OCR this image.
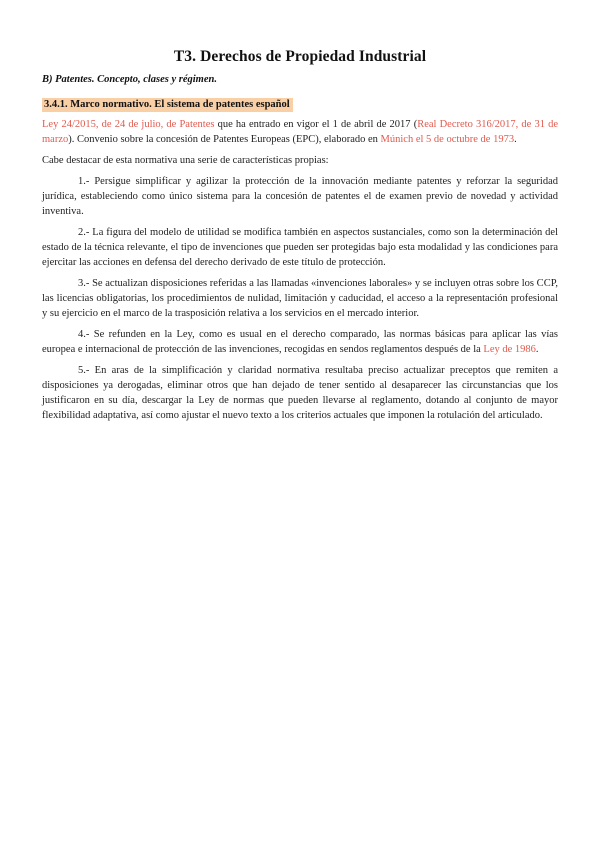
T3. Derechos de Propiedad Industrial
B) Patentes. Concepto, clases y régimen.
3.4.1. Marco normativo. El sistema de patentes español

Ley 24/2015, de 24 de julio, de Patentes que ha entrado en vigor el 1 de abril de 2017 (Real Decreto 316/2017, de 31 de marzo). Convenio sobre la concesión de Patentes Europeas (EPC), elaborado en Múnich el 5 de octubre de 1973.

Cabe destacar de esta normativa una serie de características propias:

1.- Persigue simplificar y agilizar la protección de la innovación mediante patentes y reforzar la seguridad jurídica, estableciendo como único sistema para la concesión de patentes el de examen previo de novedad y actividad inventiva.

2.- La figura del modelo de utilidad se modifica también en aspectos sustanciales, como son la determinación del estado de la técnica relevante, el tipo de invenciones que pueden ser protegidas bajo esta modalidad y las condiciones para ejercitar las acciones en defensa del derecho derivado de este título de protección.

3.- Se actualizan disposiciones referidas a las llamadas «invenciones laborales» y se incluyen otras sobre los CCP, las licencias obligatorias, los procedimientos de nulidad, limitación y caducidad, el acceso a la representación profesional y su ejercicio en el marco de la trasposición relativa a los servicios en el mercado interior.

4.- Se refunden en la Ley, como es usual en el derecho comparado, las normas básicas para aplicar las vías europea e internacional de protección de las invenciones, recogidas en sendos reglamentos después de la Ley de 1986.

5.- En aras de la simplificación y claridad normativa resultaba preciso actualizar preceptos que remiten a disposiciones ya derogadas, eliminar otros que han dejado de tener sentido al desaparecer las circunstancias que los justificaron en su día, descargar la Ley de normas que pueden llevarse al reglamento, dotando al conjunto de mayor flexibilidad adaptativa, así como ajustar el nuevo texto a los criterios actuales que imponen la rotulación del articulado.
